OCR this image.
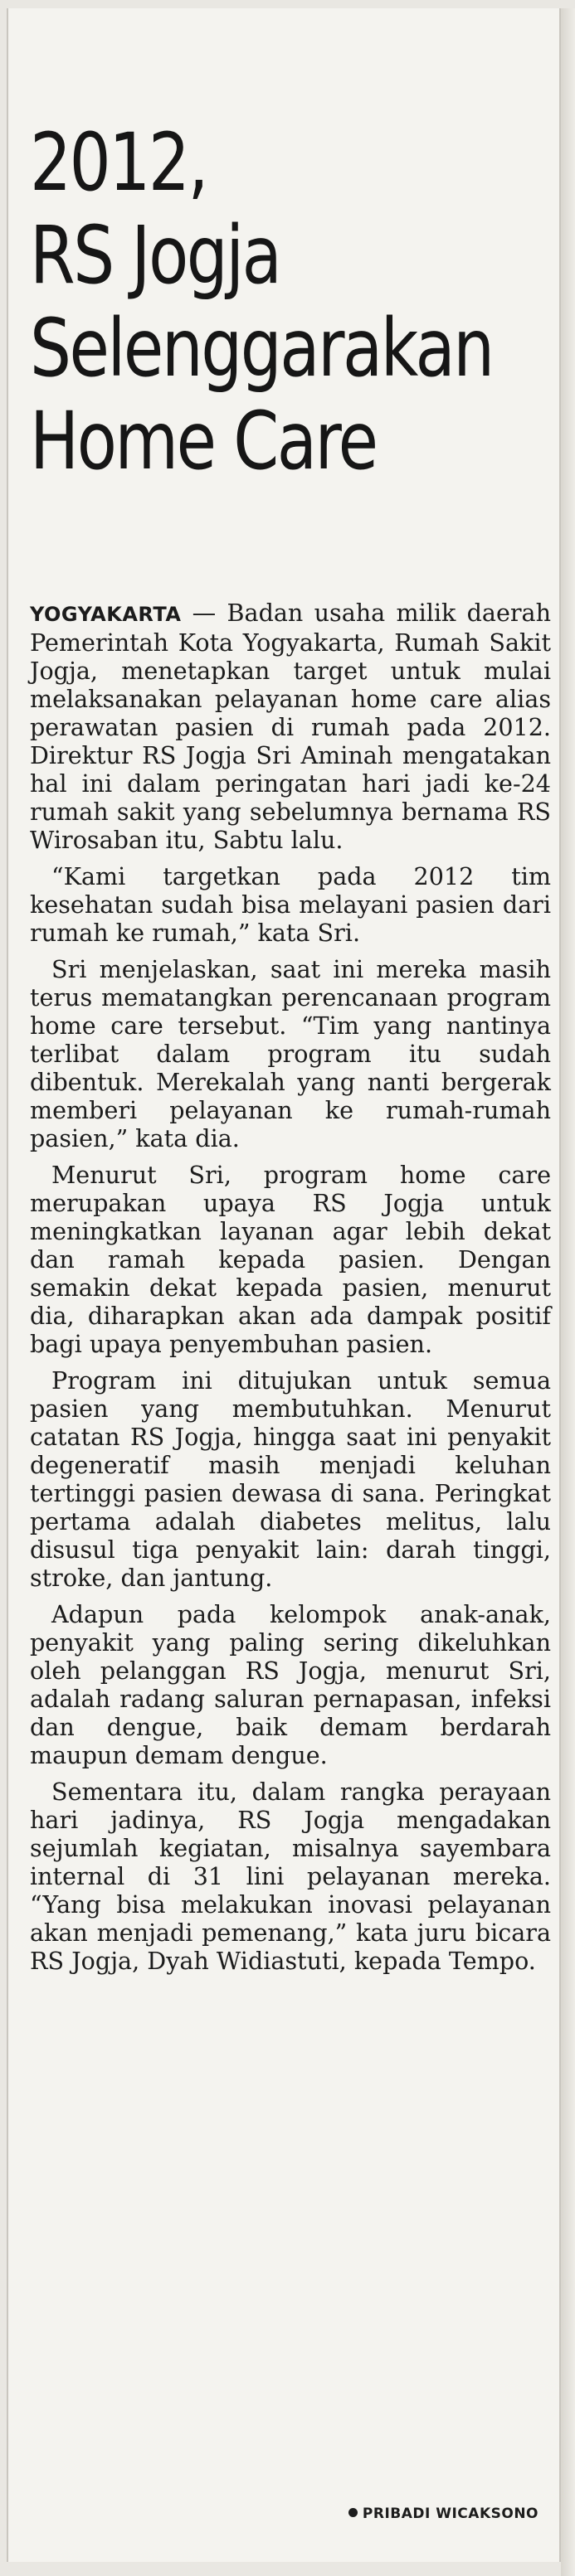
2012,
RS Jogja
Selenggarakan
Home Care

YOGYAKARTA — Badan usaha milik daerah Pemerintah Kota Yogyakarta, Rumah Sakit Jogja, menetapkan target untuk mulai melaksanakan pelayanan home care alias perawatan pasien di rumah pada 2012. Direktur RS Jogja Sri Aminah mengatakan hal ini dalam peringatan hari jadi ke-24 rumah sakit yang sebelumnya bernama RS Wirosaban itu, Sabtu lalu.

“Kami targetkan pada 2012 tim kesehatan sudah bisa melayani pasien dari rumah ke rumah,” kata Sri.

Sri menjelaskan, saat ini mereka masih terus mematangkan perencanaan program home care tersebut. “Tim yang nantinya terlibat dalam program itu sudah dibentuk. Merekalah yang nanti bergerak memberi pelayanan ke rumah-rumah pasien,” kata dia.

Menurut Sri, program home care merupakan upaya RS Jogja untuk meningkatkan layanan agar lebih dekat dan ramah kepada pasien. Dengan semakin dekat kepada pasien, menurut dia, diharapkan akan ada dampak positif bagi upaya penyembuhan pasien.

Program ini ditujukan untuk semua pasien yang membutuhkan. Menurut catatan RS Jogja, hingga saat ini penyakit degeneratif masih menjadi keluhan tertinggi pasien dewasa di sana. Peringkat pertama adalah diabetes melitus, lalu disusul tiga penyakit lain: darah tinggi, stroke, dan jantung.

Adapun pada kelompok anak-anak, penyakit yang paling sering dikeluhkan oleh pelanggan RS Jogja, menurut Sri, adalah radang saluran pernapasan, infeksi dan dengue, baik demam berdarah maupun demam dengue.

Sementara itu, dalam rangka perayaan hari jadinya, RS Jogja mengadakan sejumlah kegiatan, misalnya sayembara internal di 31 lini pelayanan mereka. “Yang bisa melakukan inovasi pelayanan akan menjadi pemenang,” kata juru bicara RS Jogja, Dyah Widiastuti, kepada Tempo.

PRIBADI WICAKSONO
